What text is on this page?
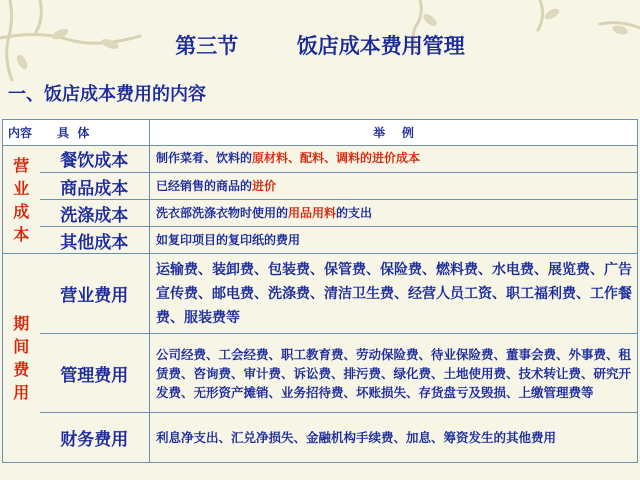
第三节        饭店成本费用管理
一、饭店成本费用的内容
内容      具  体		举    例

营
业
成
本	餐饮成本	制作菜肴、饮料的原材料、配料、调料的进价成本
	商品成本	已经销售的商品的进价
	洗涤成本	洗衣部洗涤衣物时使用的用品用料的支出
	其他成本	如复印项目的复印纸的费用

期
间
费
用	营业费用	运输费、装卸费、包装费、保管费、保险费、燃料费、水电费、展览费、广告宣传费、邮电费、洗涤费、清洁卫生费、经营人员工资、职工福利费、工作餐费、服装费等
	管理费用	公司经费、工会经费、职工教育费、劳动保险费、待业保险费、董事会费、外事费、租赁费、咨询费、审计费、诉讼费、排污费、绿化费、土地使用费、技术转让费、研究开发费、无形资产摊销、业务招待费、坏账损失、存货盘亏及毁损、上缴管理费等
	财务费用	利息净支出、汇兑净损失、金融机构手续费、加息、筹资发生的其他费用
